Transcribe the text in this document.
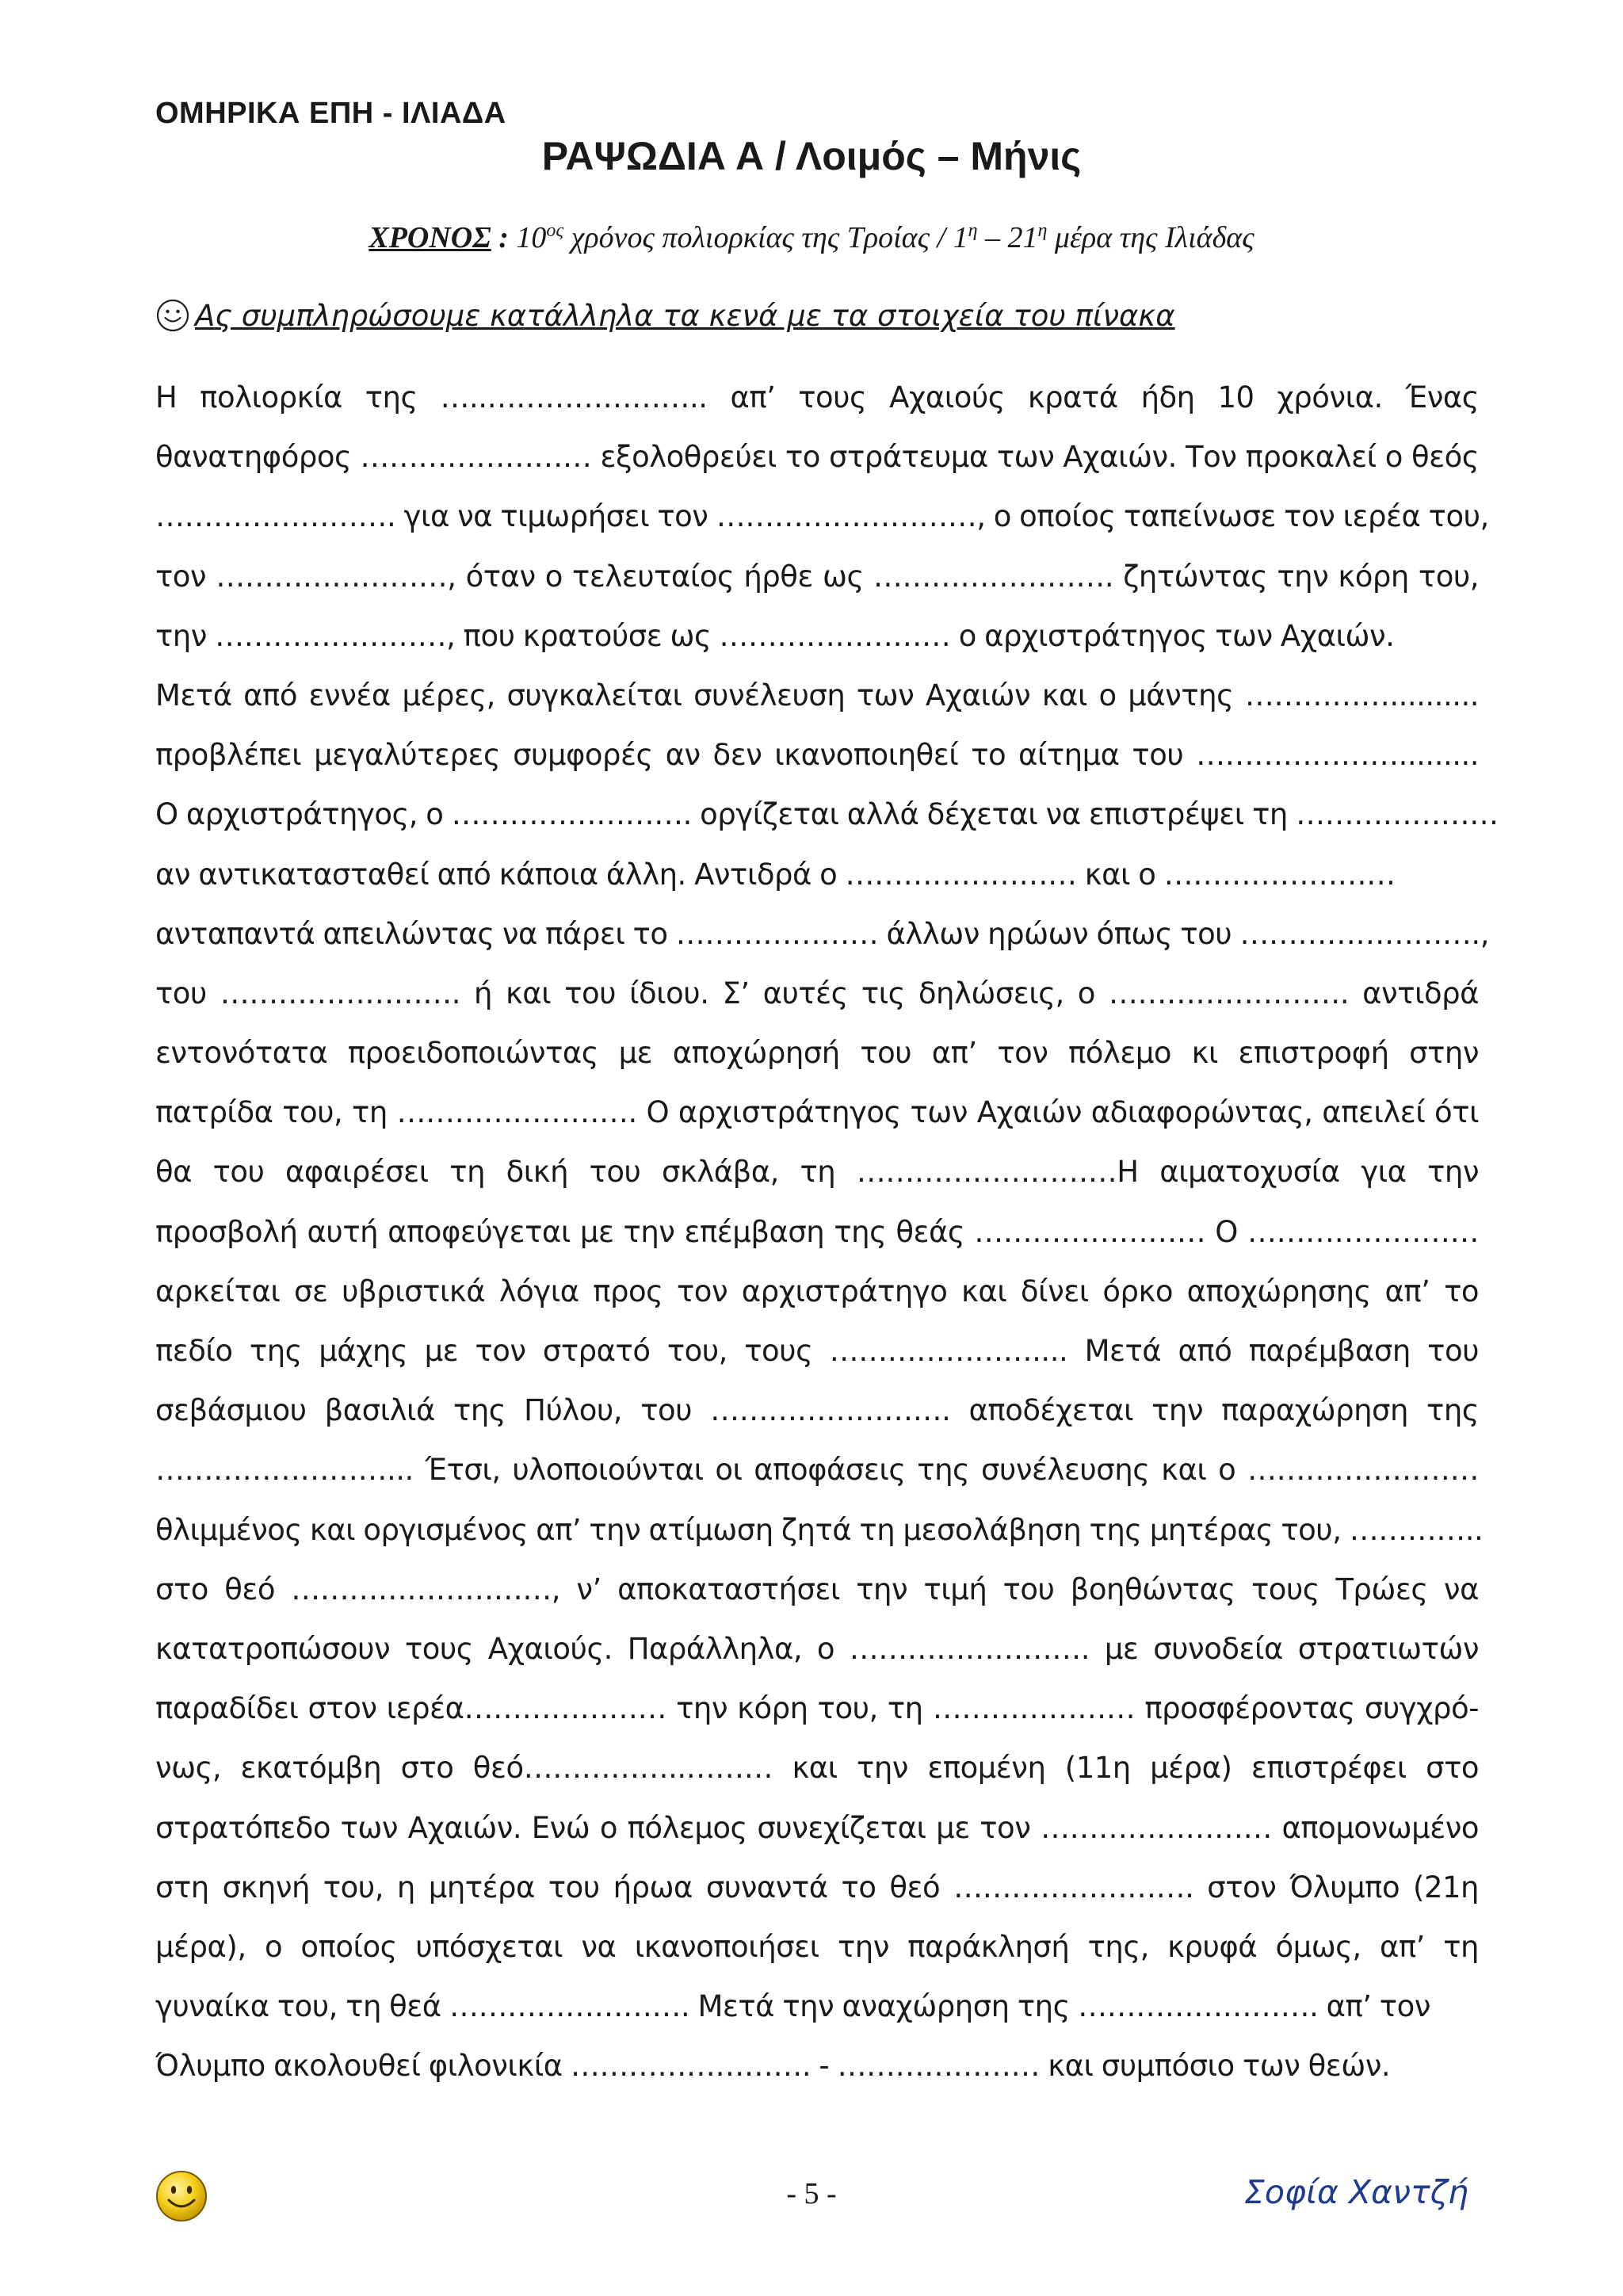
ΟΜΗΡΙΚΑ ΕΠΗ - ΙΛΙΑΔΑ

ΡΑΨΩΔΙΑ Α / Λοιμός – Μήνις

ΧΡΟΝΟΣ : $10^{o\varsigma}$ χρόνος πολιορκίας της Τροίας / $1^\eta - 21^\eta$ μέρα της Ιλιάδας

Ας συμπληρώσουμε κατάλληλα τα κενά με τα στοιχεία του πίνακα

Η πολιορκία της …..………………….. απ’ τους Αχαιούς κρατά ήδη 10 χρόνια. Ένας
θανατηφόρος …………………… εξολοθρεύει το στράτευμα των Αχαιών. Τον προκαλεί ο θεός
……………………. για να τιμωρήσει τον ………………………, ο οποίος ταπείνωσε τον ιερέα του,
τον ……………………, όταν ο τελευταίος ήρθε ως ……………………. ζητώντας την κόρη του,
την ……………………, που κρατούσε ως …………………… ο αρχιστράτηγος των Αχαιών.
Μετά από εννέα μέρες, συγκαλείται συνέλευση των Αχαιών και ο μάντης ……………..........
προβλέπει μεγαλύτερες συμφορές αν δεν ικανοποιηθεί το αίτημα του ………………….........
Ο αρχιστράτηγος, ο ……………………. οργίζεται αλλά δέχεται να επιστρέψει τη …………………
αν αντικατασταθεί από κάποια άλλη. Αντιδρά ο …………………… και ο ……………………
ανταπαντά απειλώντας να πάρει το ………………… άλλων ηρώων όπως του …………………….,
του ……………………. ή και του ίδιου. Σ’ αυτές τις δηλώσεις, ο ……………………. αντιδρά
εντονότατα προειδοποιώντας με αποχώρησή του απ’ τον πόλεμο κι επιστροφή στην
πατρίδα του, τη ……………………. Ο αρχιστράτηγος των Αχαιών αδιαφορώντας, απειλεί ότι
θα του αφαιρέσει τη δική του σκλάβα, τη ………………………Η αιματοχυσία για την
προσβολή αυτή αποφεύγεται με την επέμβαση της θεάς …………………… Ο ……………………
αρκείται σε υβριστικά λόγια προς τον αρχιστράτηγο και δίνει όρκο αποχώρησης απ’ το
πεδίο της μάχης με τον στρατό του, τους ………………….... Μετά από παρέμβαση του
σεβάσμιου βασιλιά της Πύλου, του ……………………. αποδέχεται την παραχώρηση της
……………………... Έτσι, υλοποιούνται οι αποφάσεις της συνέλευσης και ο ……………………
θλιμμένος και οργισμένος απ’ την ατίμωση ζητά τη μεσολάβηση της μητέρας του, …………..
στο θεό ………………………, ν’ αποκαταστήσει την τιμή του βοηθώντας τους Τρώες να
κατατροπώσουν τους Αχαιούς. Παράλληλα, ο ……………………. με συνοδεία στρατιωτών
παραδίδει στον ιερέα………………… την κόρη του, τη ………………… προσφέροντας συγχρό-
νως, εκατόμβη στο θεό……………..……… και την επομένη (11η μέρα) επιστρέφει στο
στρατόπεδο των Αχαιών. Ενώ ο πόλεμος συνεχίζεται με τον …………………… απομονωμένο
στη σκηνή του, η μητέρα του ήρωα συναντά το θεό ……………………. στον Όλυμπο (21η
μέρα), ο οποίος υπόσχεται να ικανοποιήσει την παράκλησή της, κρυφά όμως, απ’ τη
γυναίκα του, τη θεά ……………………. Μετά την αναχώρηση της ……………………. απ’ τον
Όλυμπο ακολουθεί φιλονικία ……………………. - ………………… και συμπόσιο των θεών.

- 5 -	Σοφία Χαντζή
